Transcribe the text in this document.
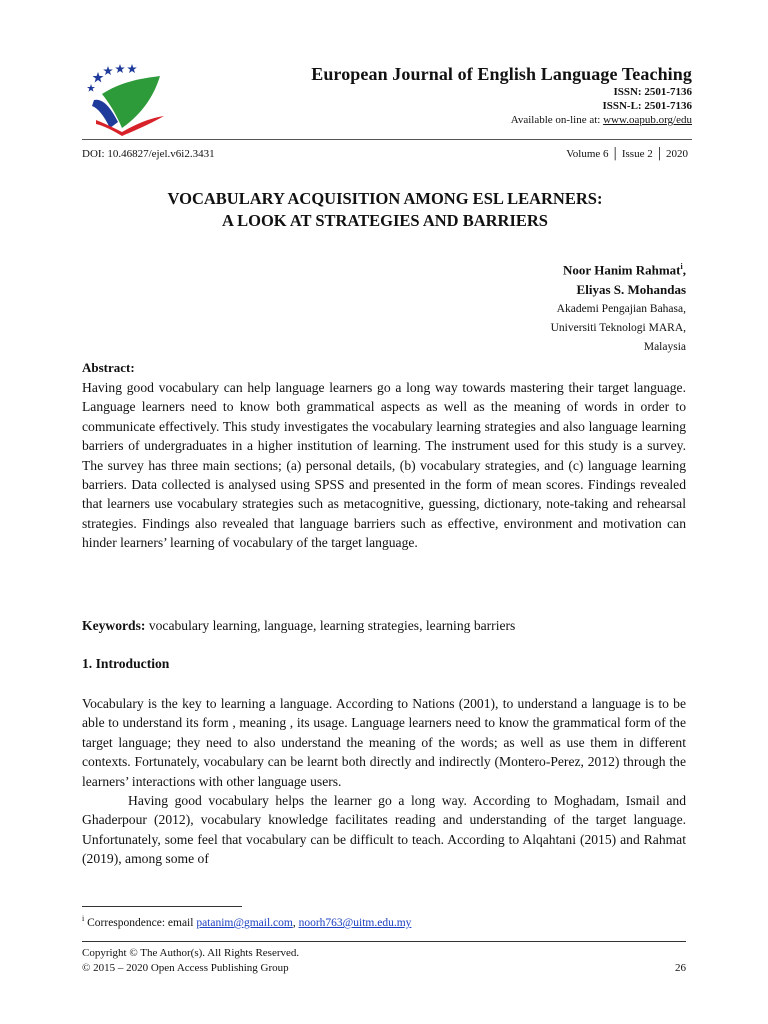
European Journal of English Language Teaching
ISSN: 2501-7136
ISSN-L: 2501-7136
Available on-line at: www.oapub.org/edu
DOI: 10.46827/ejel.v6i2.3431	Volume 6 │ Issue 2 │ 2020
VOCABULARY ACQUISITION AMONG ESL LEARNERS:
A LOOK AT STRATEGIES AND BARRIERS
Noor Hanim Rahmat$^i$,
Eliyas S. Mohandas
Akademi Pengajian Bahasa,
Universiti Teknologi MARA,
Malaysia
Abstract:
Having good vocabulary can help language learners go a long way towards mastering their target language. Language learners need to know both grammatical aspects as well as the meaning of words in order to communicate effectively. This study investigates the vocabulary learning strategies and also language learning barriers of undergraduates in a higher institution of learning. The instrument used for this study is a survey. The survey has three main sections; (a) personal details, (b) vocabulary strategies, and (c) language learning barriers. Data collected is analysed using SPSS and presented in the form of mean scores. Findings revealed that learners use vocabulary strategies such as metacognitive, guessing, dictionary, note-taking and rehearsal strategies. Findings also revealed that language barriers such as effective, environment and motivation can hinder learners’ learning of vocabulary of the target language.
Keywords: vocabulary learning, language, learning strategies, learning barriers
1. Introduction

Vocabulary is the key to learning a language. According to Nations (2001), to understand a language is to be able to understand its form , meaning , its usage. Language learners need to know the grammatical form of the target language; they need to also understand the meaning of the words; as well as use them in different contexts. Fortunately, vocabulary can be learnt both directly and indirectly (Montero-Perez, 2012) through the learners’ interactions with other language users.

Having good vocabulary helps the learner go a long way. According to Moghadam, Ismail and Ghaderpour (2012), vocabulary knowledge facilitates reading and understanding of the target language. Unfortunately, some feel that vocabulary can be difficult to teach. According to Alqahtani (2015) and Rahmat (2019), among some of

$^i$ Correspondence: email patanim@gmail.com, noorh763@uitm.edu.my
Copyright © The Author(s). All Rights Reserved.
© 2015 – 2020 Open Access Publishing Group	26
